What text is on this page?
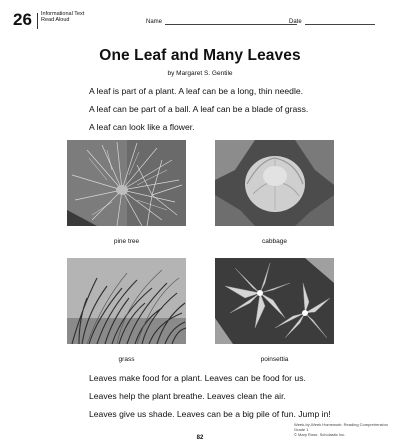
26 Informational Text
Read Aloud	Name	Date
One Leaf and Many Leaves
by Margaret S. Gentile
A leaf is part of a plant. A leaf can be a long, thin needle.
A leaf can be part of a ball. A leaf can be a blade of grass.
A leaf can look like a flower.
pine tree	cabbage
grass	poinsettia
Leaves make food for a plant. Leaves can be food for us.
Leaves help the plant breathe. Leaves clean the air.
Leaves give us shade. Leaves can be a big pile of fun. Jump in!
Week-by-Week Homework: Reading Comprehension Grade 1
© Mary Rose, Scholastic Inc.
82
